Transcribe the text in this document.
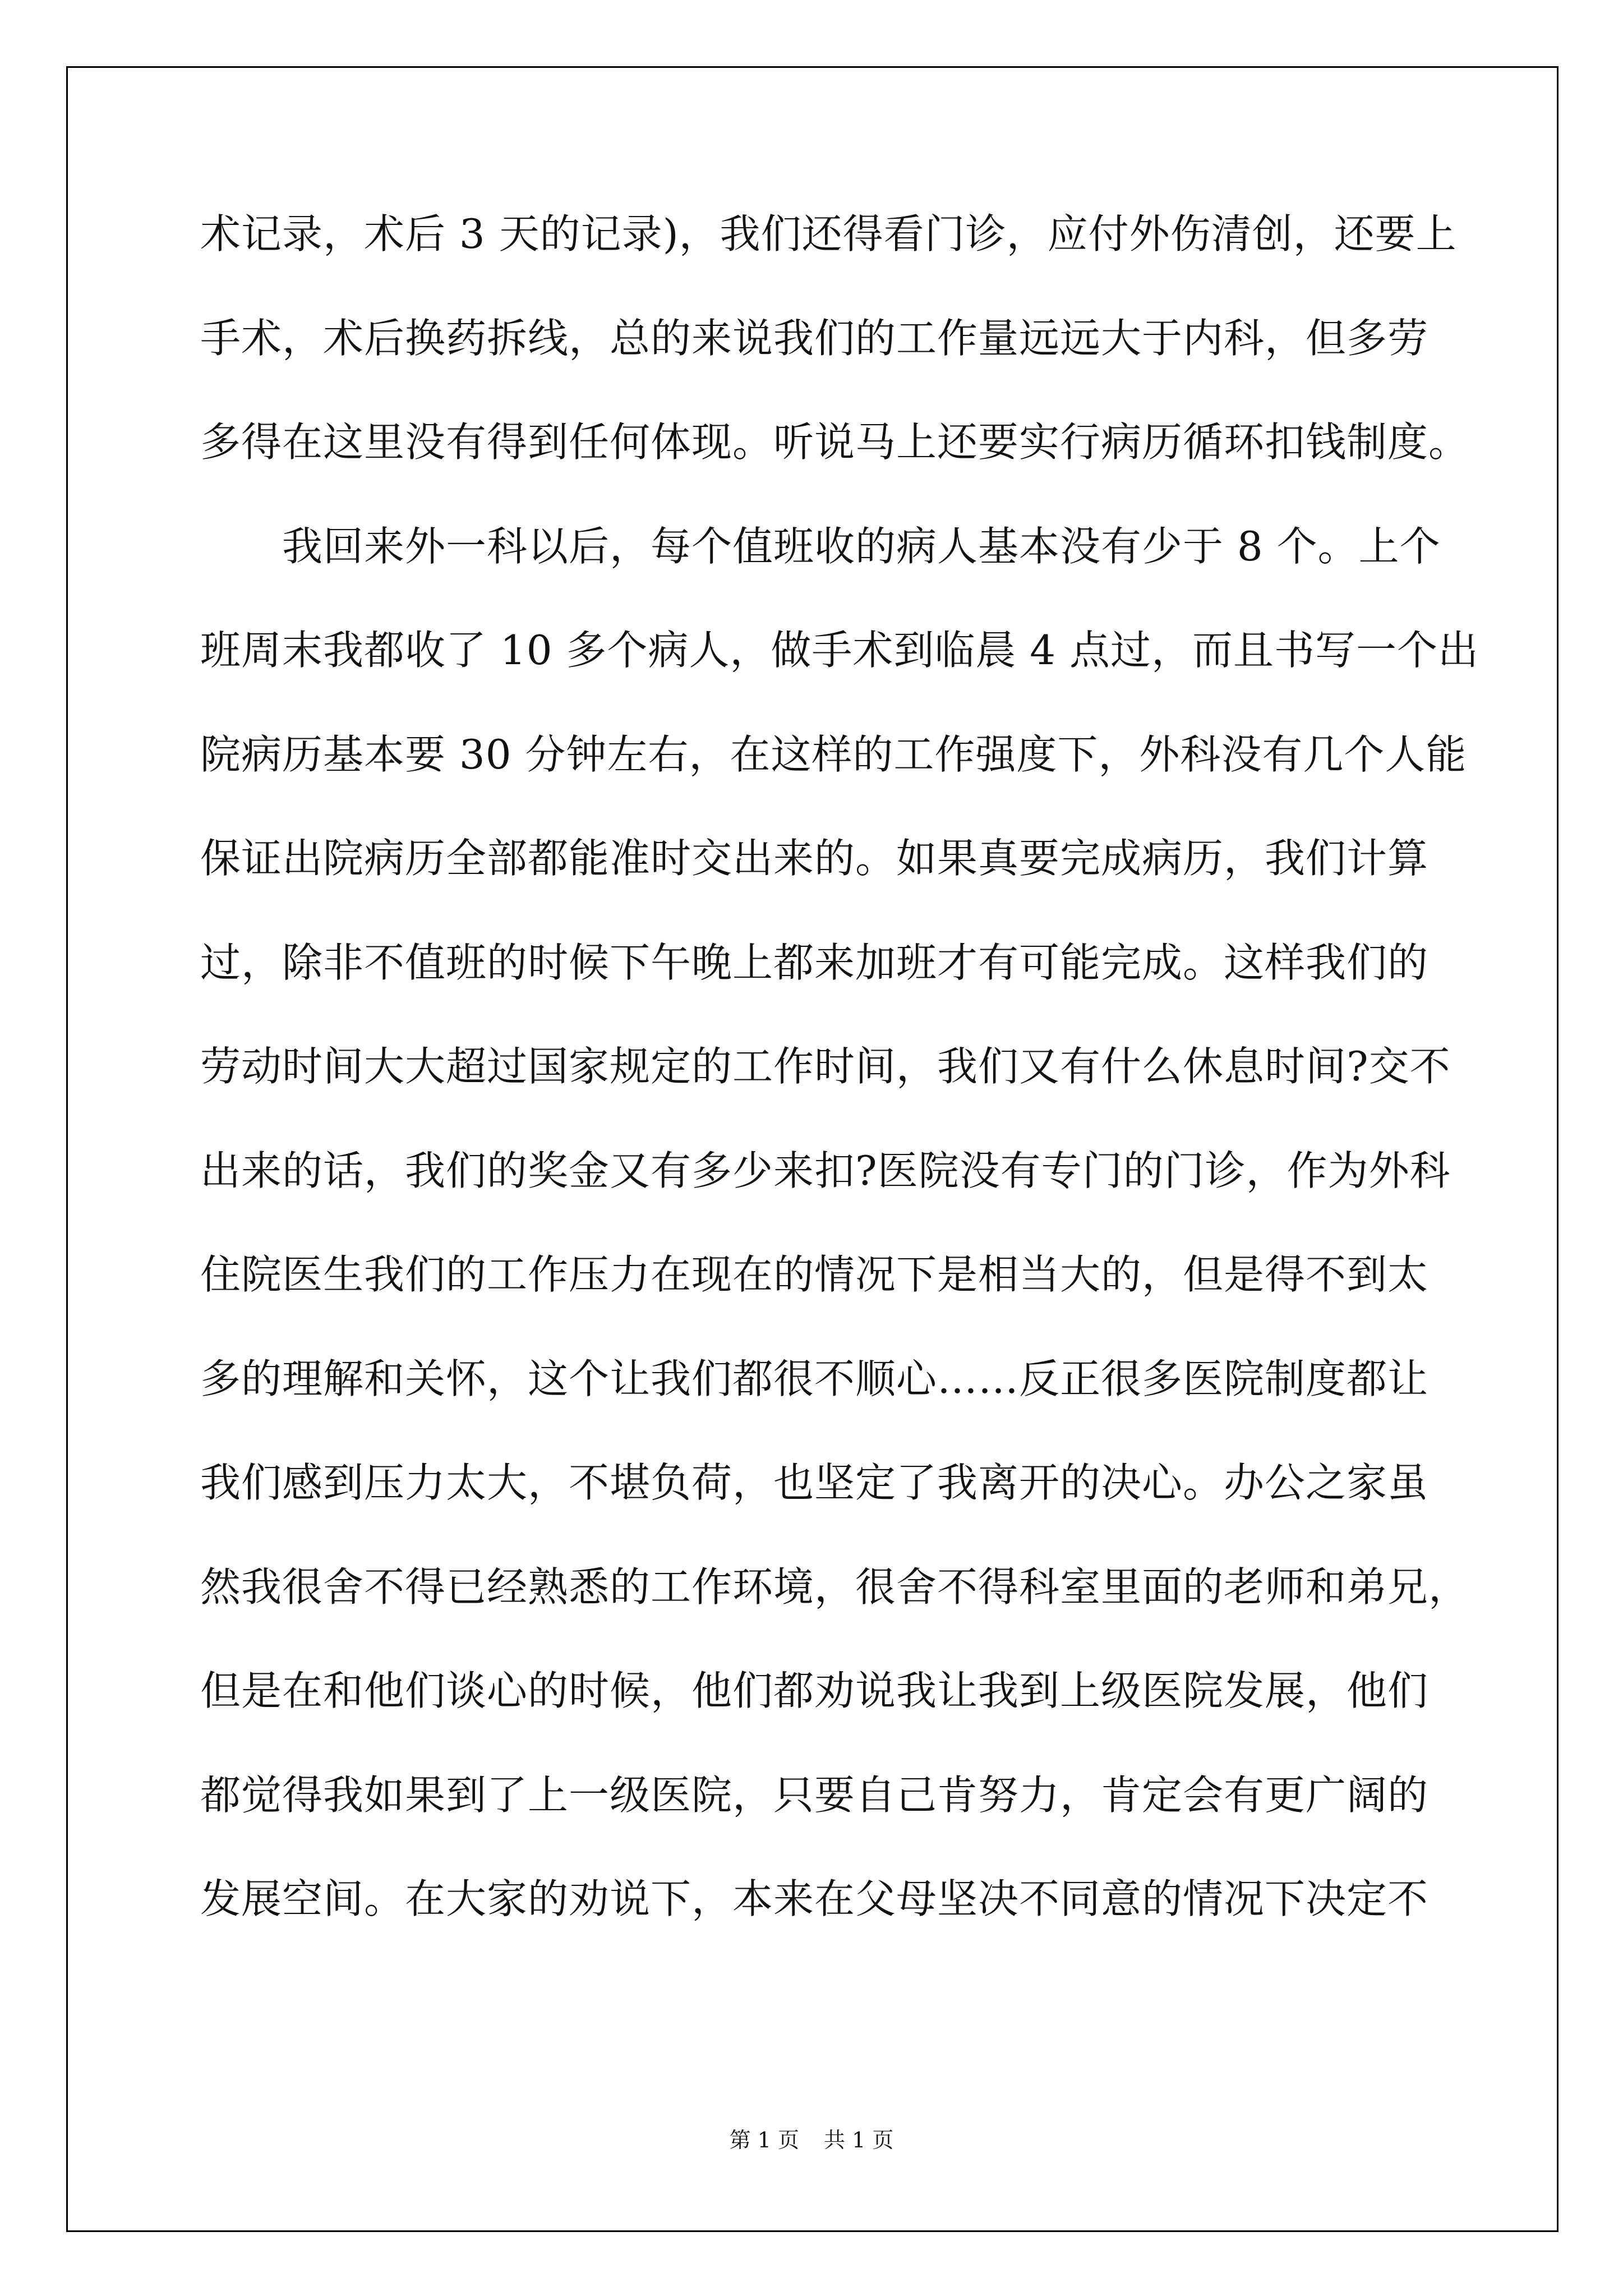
术记录，术后 3 天的记录)，我们还得看门诊，应付外伤清创，还要上
手术，术后换药拆线，总的来说我们的工作量远远大于内科，但多劳
多得在这里没有得到任何体现。听说马上还要实行病历循环扣钱制度。
　　我回来外一科以后，每个值班收的病人基本没有少于 8 个。上个
班周末我都收了 10 多个病人，做手术到临晨 4 点过，而且书写一个出
院病历基本要 30 分钟左右，在这样的工作强度下，外科没有几个人能
保证出院病历全部都能准时交出来的。如果真要完成病历，我们计算
过，除非不值班的时候下午晚上都来加班才有可能完成。这样我们的
劳动时间大大超过国家规定的工作时间，我们又有什么休息时间?交不
出来的话，我们的奖金又有多少来扣?医院没有专门的门诊，作为外科
住院医生我们的工作压力在现在的情况下是相当大的，但是得不到太
多的理解和关怀，这个让我们都很不顺心……反正很多医院制度都让
我们感到压力太大，不堪负荷，也坚定了我离开的决心。办公之家虽
然我很舍不得已经熟悉的工作环境，很舍不得科室里面的老师和弟兄，
但是在和他们谈心的时候，他们都劝说我让我到上级医院发展，他们
都觉得我如果到了上一级医院，只要自己肯努力，肯定会有更广阔的
发展空间。在大家的劝说下，本来在父母坚决不同意的情况下决定不
第 1 页 共 1 页
